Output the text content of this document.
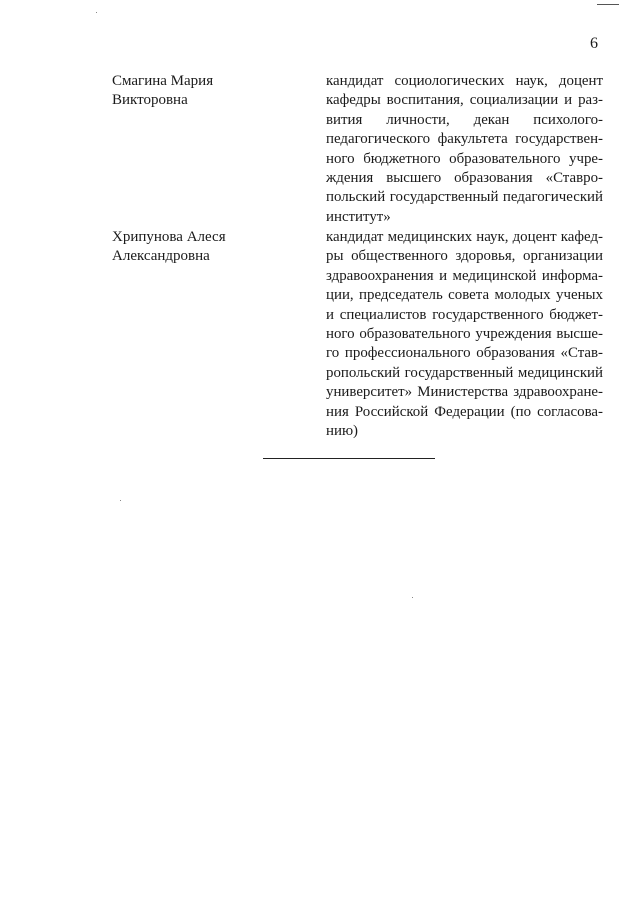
6
Смагина Мария
Викторовна
кандидат социологических наук, доцент
кафедры воспитания, социализации и раз-
вития личности, декан психолого-
педагогического факультета государствен-
ного бюджетного образовательного учре-
ждения высшего образования «Ставро-
польский государственный педагогический
институт»
Хрипунова Алеся
Александровна
кандидат медицинских наук, доцент кафед-
ры общественного здоровья, организации
здравоохранения и медицинской информа-
ции, председатель совета молодых ученых
и специалистов государственного бюджет-
ного образовательного учреждения высше-
го профессионального образования «Став-
ропольский государственный медицинский
университет» Министерства здравоохране-
ния Российской Федерации (по согласова-
нию)
